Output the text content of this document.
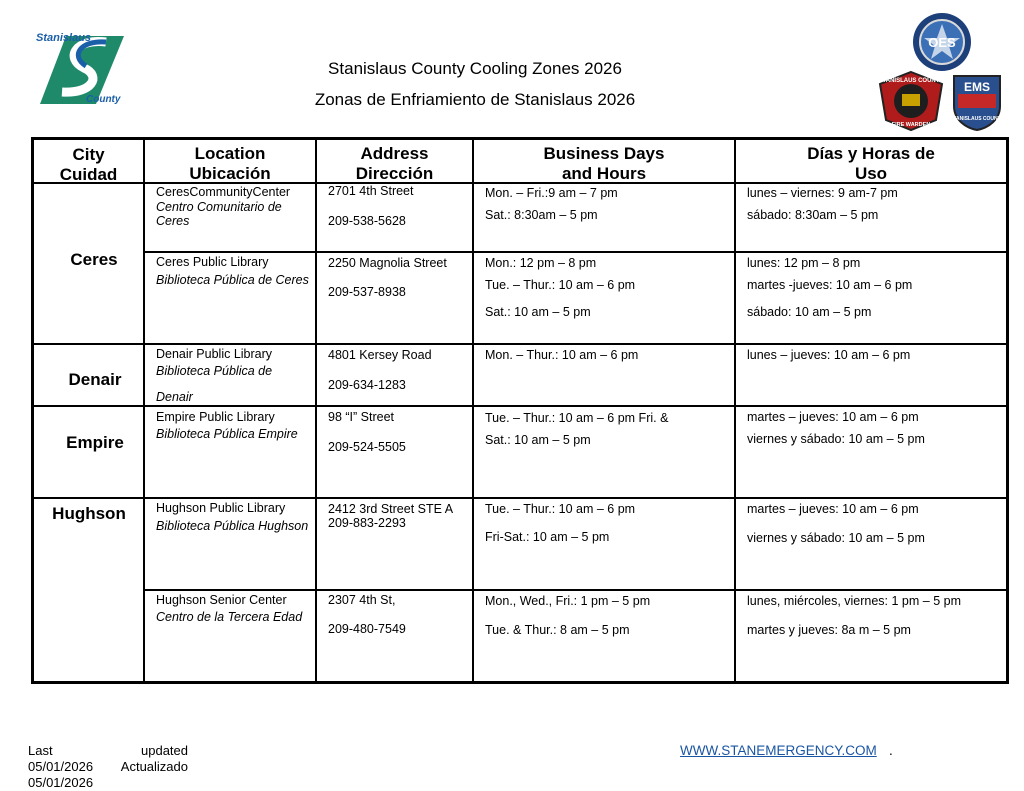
Stanislaus
County
Stanislaus County Cooling Zones 2026
Zonas de Enfriamiento de Stanislaus 2026
OES
STANISLAUS COUNTY
FIRE WARDEN
EMS
STANISLAUS COUNTY
City
Cuidad
Location
Ubicación
Address
Dirección
Business Days
and Hours
Días y Horas de
Uso
Ceres
Denair
Empire
Hughson
CeresCommunityCenter
Centro Comunitario de
Ceres
2701 4th Street
209-538-5628
Mon. – Fri.:9 am – 7 pm
Sat.: 8:30am – 5 pm
lunes – viernes: 9 am-7 pm
sábado: 8:30am – 5 pm
Ceres Public Library
Biblioteca Pública de Ceres
2250 Magnolia Street
209-537-8938
Mon.: 12 pm – 8 pm
Tue. – Thur.: 10 am – 6 pm
Sat.: 10 am – 5 pm
lunes: 12 pm – 8 pm
martes -jueves: 10 am – 6 pm
sábado: 10 am – 5 pm
Denair Public Library
Biblioteca Pública de
Denair
4801 Kersey Road
209-634-1283
Mon. – Thur.: 10 am – 6 pm	lunes – jueves: 10 am – 6 pm
Empire Public Library
Biblioteca Pública Empire
98 “I” Street
209-524-5505
Tue. – Thur.: 10 am – 6 pm Fri. &
Sat.: 10 am – 5 pm
martes – jueves: 10 am – 6 pm
viernes y sábado: 10 am – 5 pm
Hughson Public Library
Biblioteca Pública Hughson
2412 3rd Street STE A
209-883-2293
Tue. – Thur.: 10 am – 6 pm
Fri-Sat.: 10 am – 5 pm
martes – jueves: 10 am – 6 pm
viernes y sábado: 10 am – 5 pm
Hughson Senior Center
Centro de la Tercera Edad
2307 4th St,
209-480-7549
Mon., Wed., Fri.: 1 pm – 5 pm
Tue. & Thur.: 8 am – 5 pm
lunes, miércoles, viernes: 1 pm – 5 pm
martes y jueves: 8a m – 5 pm
Last	updated
05/01/2026 Actualizado
05/01/2026
WWW.STANEMERGENCY.COM .
